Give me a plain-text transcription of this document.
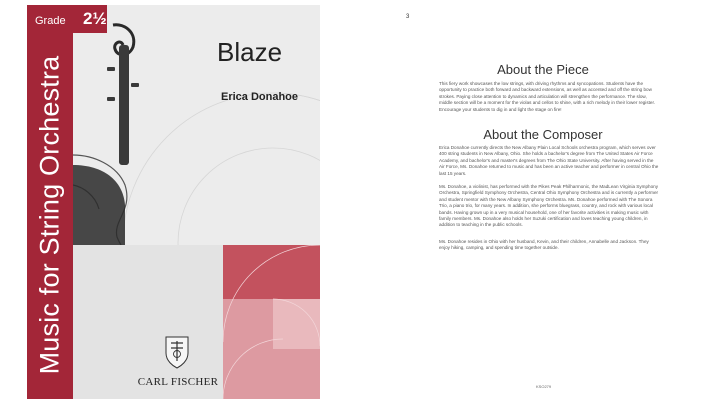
Music for String Orchestra
Grade 2½
Blaze
Erica Donahoe
CARL FISCHER
3
About the Piece

This fiery work showcases the low strings, with driving rhythms and syncopations. Students have the opportunity to practice both forward and backward extensions, as well as accented and off the string bow strokes. Paying close attention to dynamics and articulation will strengthen the performance. The slow, middle section will be a moment for the violas and cellos to shine, with a rich melody in their lower register. Encourage your students to dig in and light the stage on fire!

About the Composer

Erica Donahoe currently directs the New Albany Plain Local Schools orchestra program, which serves over 400 string students in New Albany, Ohio. She holds a bachelor's degree from The United States Air Force Academy, and bachelor's and master's degrees from The Ohio State University. After having served in the Air Force, Ms. Donahoe returned to music and has been an active teacher and performer in central Ohio the last 15 years.

Ms. Donahoe, a violinist, has performed with the Pikes Peak Philharmonic, the MadLean Virginia Symphony Orchestra, Springfield Symphony Orchestra, Central Ohio Symphony Orchestra and is currently a performer and student mentor with the New Albany Symphony Orchestra. Ms. Donahoe performed with The Sonora Trio, a piano trio, for many years. In addition, she performs bluegrass, country, and rock with various local bands. Having grown up in a very musical household, one of her favorite activities is making music with family members. Ms. Donahoe also holds her Suzuki certification and loves teaching young children, in addition to teaching in the public schools.

Ms. Donahoe resides in Ohio with her husband, Kevin, and their children, Annabelle and Jackson. They enjoy hiking, camping, and spending time together outside.

KSO279
